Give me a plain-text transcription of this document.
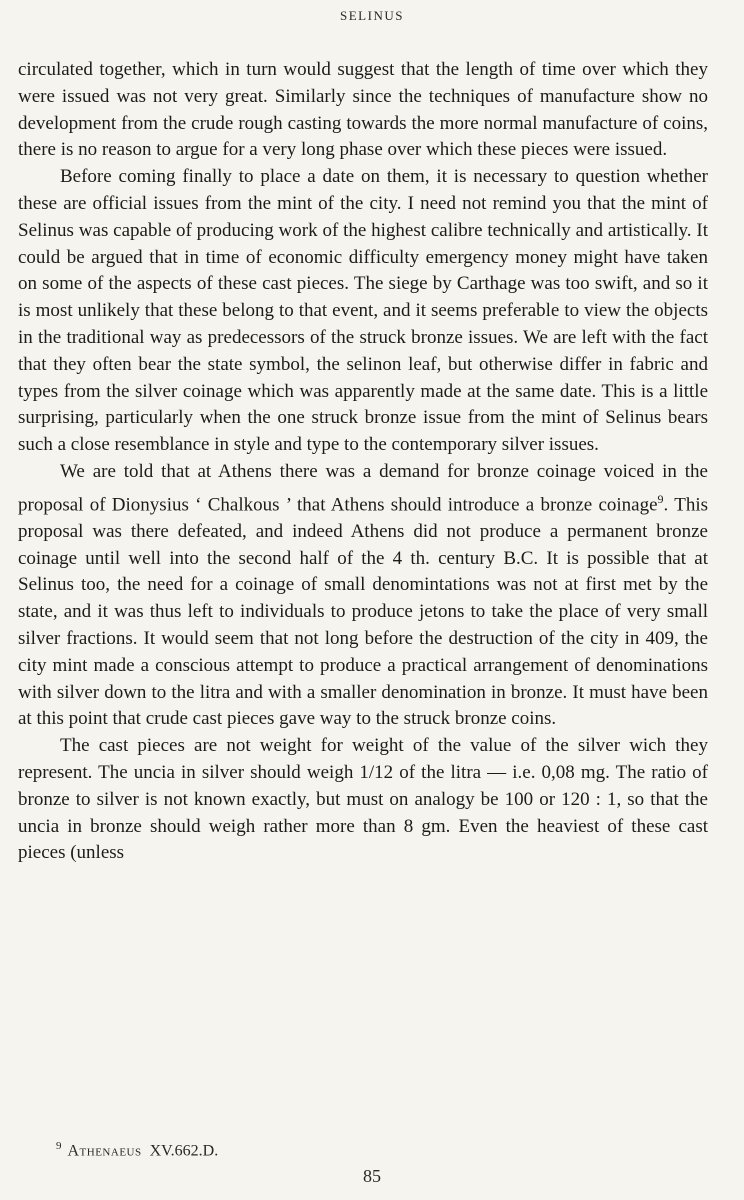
SELINUS

circulated together, which in turn would suggest that the length of time over which they were issued was not very great. Similarly since the techniques of manufacture show no development from the crude rough casting towards the more normal manufacture of coins, there is no reason to argue for a very long phase over which these pieces were issued.

Before coming finally to place a date on them, it is necessary to question whether these are official issues from the mint of the city. I need not remind you that the mint of Selinus was capable of producing work of the highest calibre technically and artistically. It could be argued that in time of economic difficulty emergency money might have taken on some of the aspects of these cast pieces. The siege by Carthage was too swift, and so it is most unlikely that these belong to that event, and it seems preferable to view the objects in the traditional way as predecessors of the struck bronze issues. We are left with the fact that they often bear the state symbol, the selinon leaf, but otherwise differ in fabric and types from the silver coinage which was apparently made at the same date. This is a little surprising, particularly when the one struck bronze issue from the mint of Selinus bears such a close resemblance in style and type to the contemporary silver issues.

We are told that at Athens there was a demand for bronze coinage voiced in the proposal of Dionysius ‘ Chalkous ’ that Athens should introduce a bronze coinage$^9$. This proposal was there defeated, and indeed Athens did not produce a permanent bronze coinage until well into the second half of the 4 th. century B.C. It is possible that at Selinus too, the need for a coinage of small denomintations was not at first met by the state, and it was thus left to individuals to produce jetons to take the place of very small silver fractions. It would seem that not long before the destruction of the city in 409, the city mint made a conscious attempt to produce a practical arrangement of denominations with silver down to the litra and with a smaller denomination in bronze. It must have been at this point that crude cast pieces gave way to the struck bronze coins.

The cast pieces are not weight for weight of the value of the silver wich they represent. The uncia in silver should weigh 1/12 of the litra — i.e. 0,08 mg. The ratio of bronze to silver is not known exactly, but must on analogy be 100 or 120 : 1, so that the uncia in bronze should weigh rather more than 8 gm. Even the heaviest of these cast pieces (unless

$^9$ Athenaeus XV.662.D.
85
